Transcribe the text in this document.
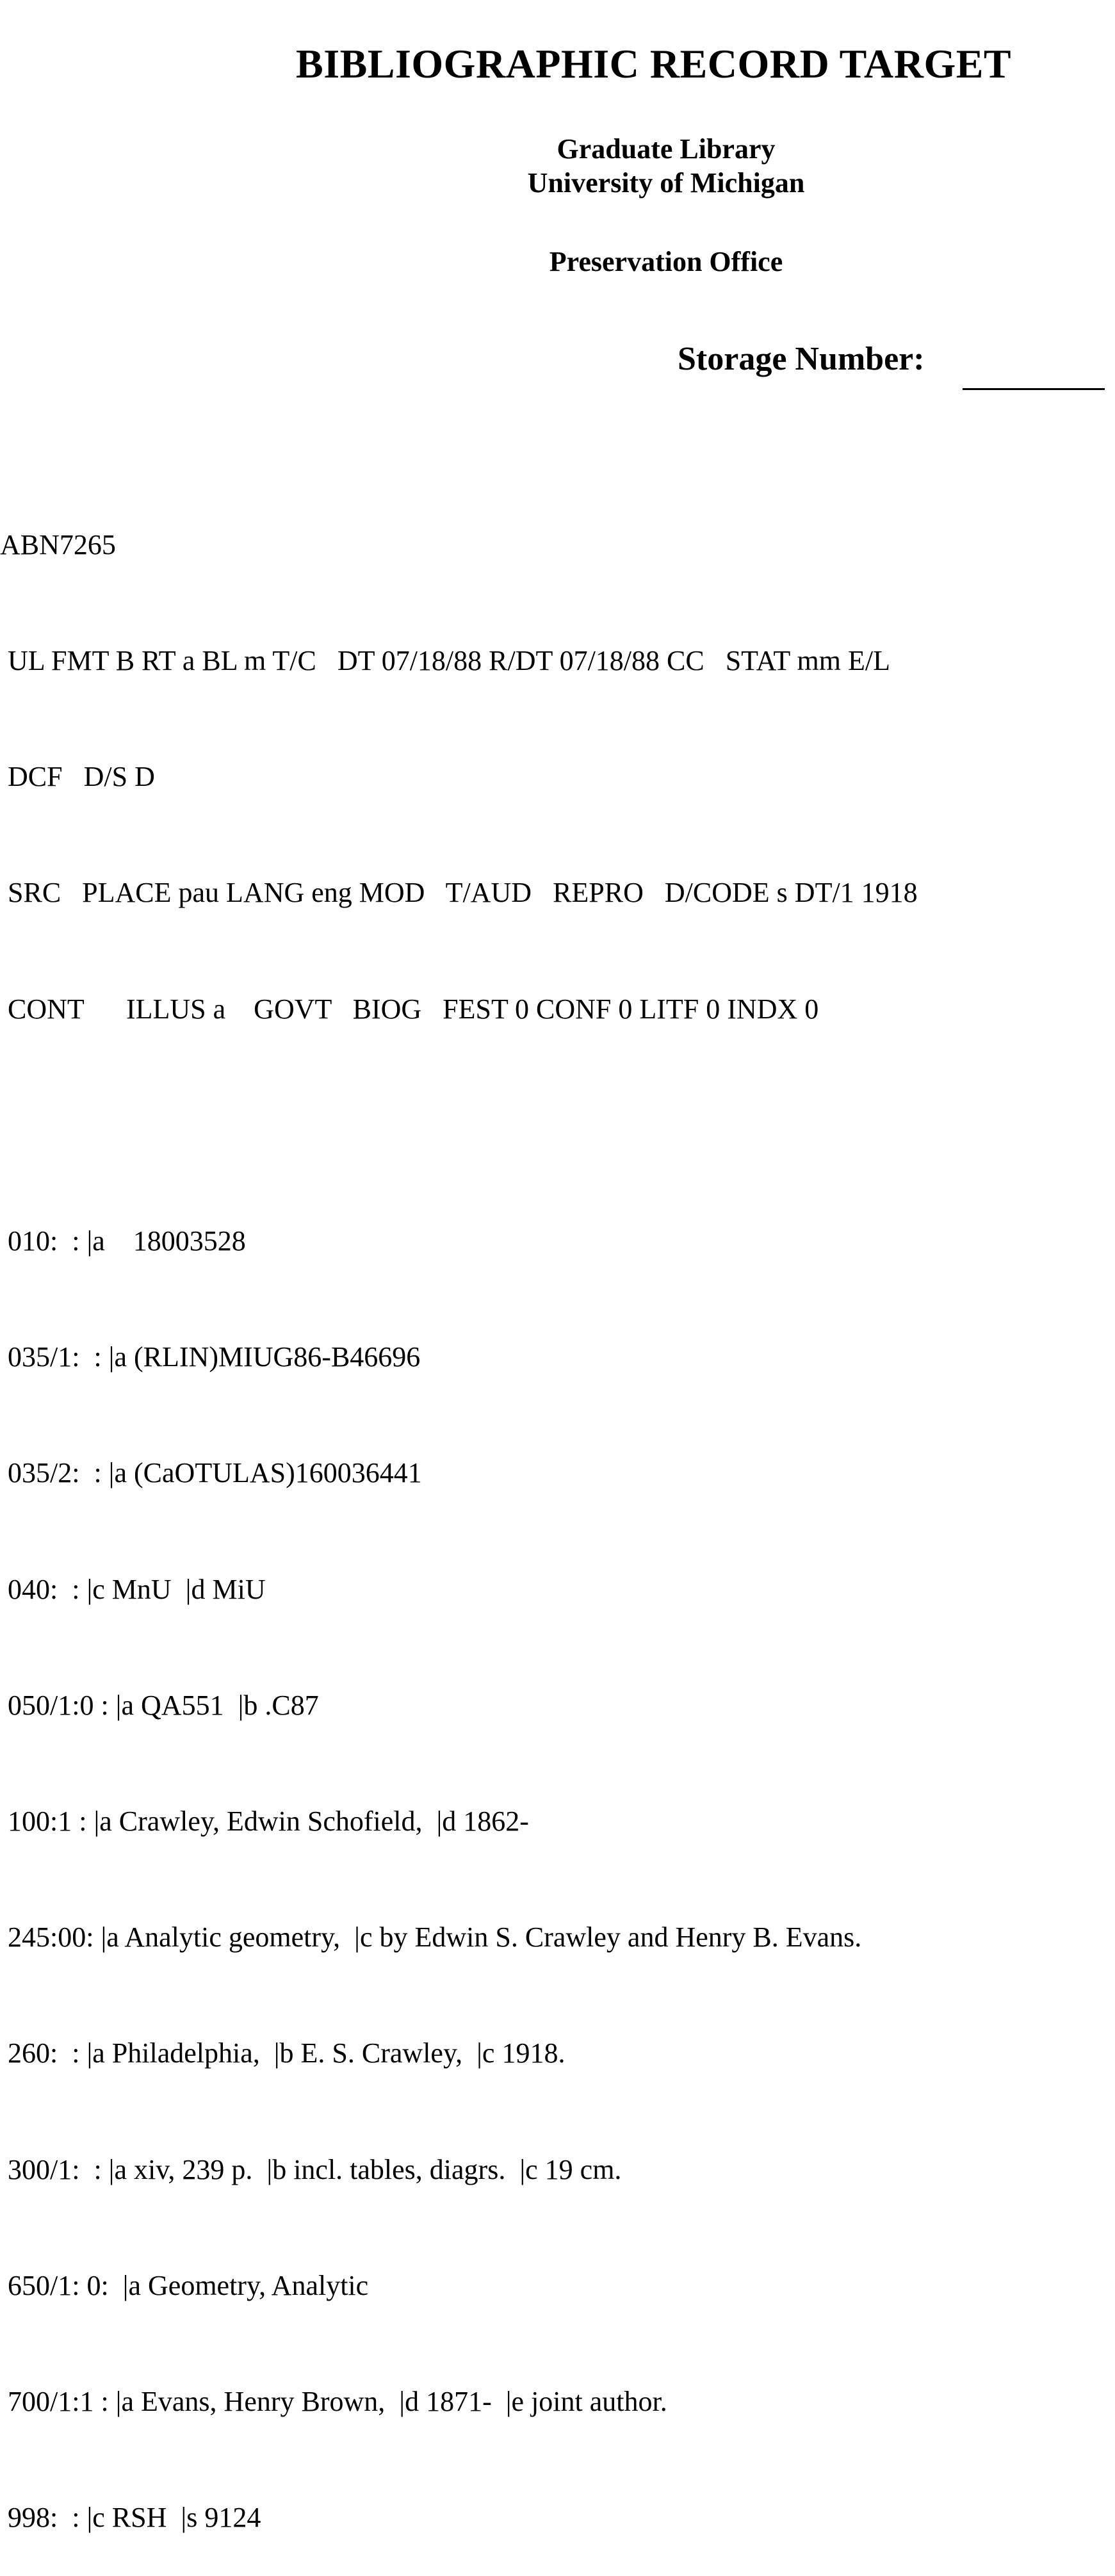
BIBLIOGRAPHIC RECORD TARGET
Graduate Library
University of Michigan
Preservation Office
Storage Number:

ABN7265

UL FMT B RT a BL m T/C   DT 07/18/88 R/DT 07/18/88 CC   STAT mm E/L

DCF   D/S D

SRC   PLACE pau LANG eng MOD   T/AUD   REPRO   D/CODE s DT/1 1918

CONT      ILLUS a    GOVT   BIOG   FEST 0 CONF 0 LITF 0 INDX 0

010:  : |a    18003528

035/1:  : |a (RLIN)MIUG86-B46696

035/2:  : |a (CaOTULAS)160036441

040:  : |c MnU  |d MiU

050/1:0 : |a QA551  |b .C87

100:1 : |a Crawley, Edwin Schofield,  |d 1862-

245:00: |a Analytic geometry,  |c by Edwin S. Crawley and Henry B. Evans.

260:  : |a Philadelphia,  |b E. S. Crawley,  |c 1918.

300/1:  : |a xiv, 239 p.  |b incl. tables, diagrs.  |c 19 cm.

650/1: 0:  |a Geometry, Analytic

700/1:1 : |a Evans, Henry Brown,  |d 1871-  |e joint author.

998:  : |c RSH  |s 9124
